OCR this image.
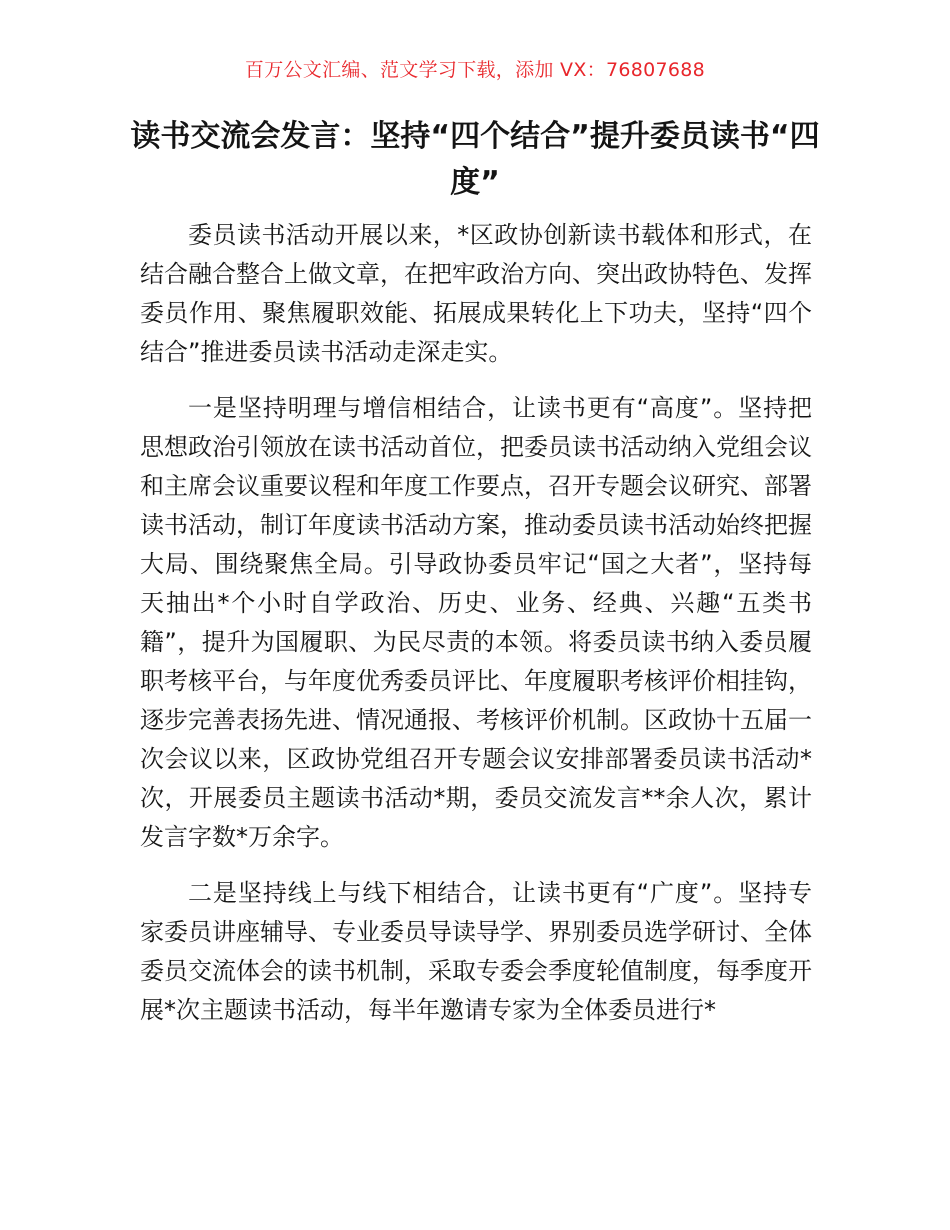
百万公文汇编、范文学习下载，添加 VX：76807688
读书交流会发言：坚持“四个结合”提升委员读书“四度”

委员读书活动开展以来，*区政协创新读书载体和形式，在结合融合整合上做文章，在把牢政治方向、突出政协特色、发挥委员作用、聚焦履职效能、拓展成果转化上下功夫，坚持“四个结合”推进委员读书活动走深走实。

一是坚持明理与增信相结合，让读书更有“高度”。坚持把思想政治引领放在读书活动首位，把委员读书活动纳入党组会议和主席会议重要议程和年度工作要点，召开专题会议研究、部署读书活动，制订年度读书活动方案，推动委员读书活动始终把握大局、围绕聚焦全局。引导政协委员牢记“国之大者”，坚持每天抽出*个小时自学政治、历史、业务、经典、兴趣“五类书籍”，提升为国履职、为民尽责的本领。将委员读书纳入委员履职考核平台，与年度优秀委员评比、年度履职考核评价相挂钩，逐步完善表扬先进、情况通报、考核评价机制。区政协十五届一次会议以来，区政协党组召开专题会议安排部署委员读书活动*次，开展委员主题读书活动*期，委员交流发言**余人次，累计发言字数*万余字。

二是坚持线上与线下相结合，让读书更有“广度”。坚持专家委员讲座辅导、专业委员导读导学、界别委员选学研讨、全体委员交流体会的读书机制，采取专委会季度轮值制度，每季度开展*次主题读书活动，每半年邀请专家为全体委员进行*
